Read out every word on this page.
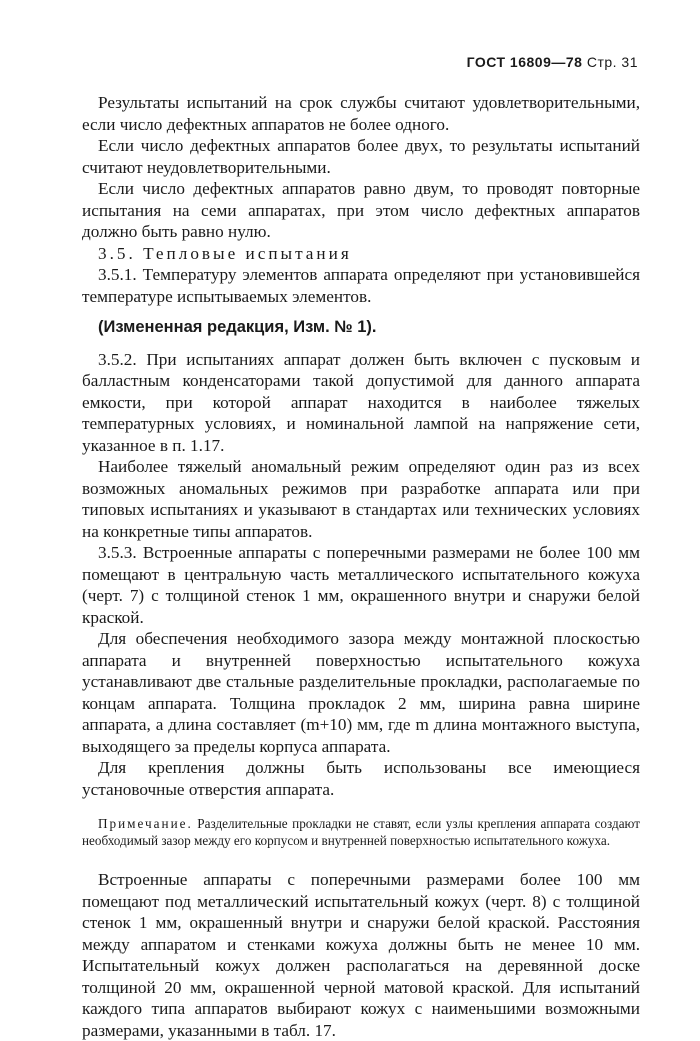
ГОСТ 16809—78 Стр. 31

Результаты испытаний на срок службы считают удовлетворительными, если число дефектных аппаратов не более одного.

Если число дефектных аппаратов более двух, то результаты испытаний считают неудовлетворительными.

Если число дефектных аппаратов равно двум, то проводят повторные испытания на семи аппаратах, при этом число дефектных аппаратов должно быть равно нулю.

3.5. Тепловые испытания

3.5.1. Температуру элементов аппарата определяют при установившейся температуре испытываемых элементов.

(Измененная редакция, Изм. № 1).

3.5.2. При испытаниях аппарат должен быть включен с пусковым и балластным конденсаторами такой допустимой для данного аппарата емкости, при которой аппарат находится в наиболее тяжелых температурных условиях, и номинальной лампой на напряжение сети, указанное в п. 1.17.

Наиболее тяжелый аномальный режим определяют один раз из всех возможных аномальных режимов при разработке аппарата или при типовых испытаниях и указывают в стандартах или технических условиях на конкретные типы аппаратов.

3.5.3. Встроенные аппараты с поперечными размерами не более 100 мм помещают в центральную часть металлического испытательного кожуха (черт. 7) с толщиной стенок 1 мм, окрашенного внутри и снаружи белой краской.

Для обеспечения необходимого зазора между монтажной плоскостью аппарата и внутренней поверхностью испытательного кожуха устанавливают две стальные разделительные прокладки, располагаемые по концам аппарата. Толщина прокладок 2 мм, ширина равна ширине аппарата, а длина составляет (m+10) мм, где m длина монтажного выступа, выходящего за пределы корпуса аппарата.

Для крепления должны быть использованы все имеющиеся установочные отверстия аппарата.

Примечание. Разделительные прокладки не ставят, если узлы крепления аппарата создают необходимый зазор между его корпусом и внутренней поверхностью испытательного кожуха.

Встроенные аппараты с поперечными размерами более 100 мм помещают под металлический испытательный кожух (черт. 8) с толщиной стенок 1 мм, окрашенный внутри и снаружи белой краской. Расстояния между аппаратом и стенками кожуха должны быть не менее 10 мм. Испытательный кожух должен располагаться на деревянной доске толщиной 20 мм, окрашенной черной матовой краской. Для испытаний каждого типа аппаратов выбирают кожух с наименьшими возможными размерами, указанными в табл. 17.
